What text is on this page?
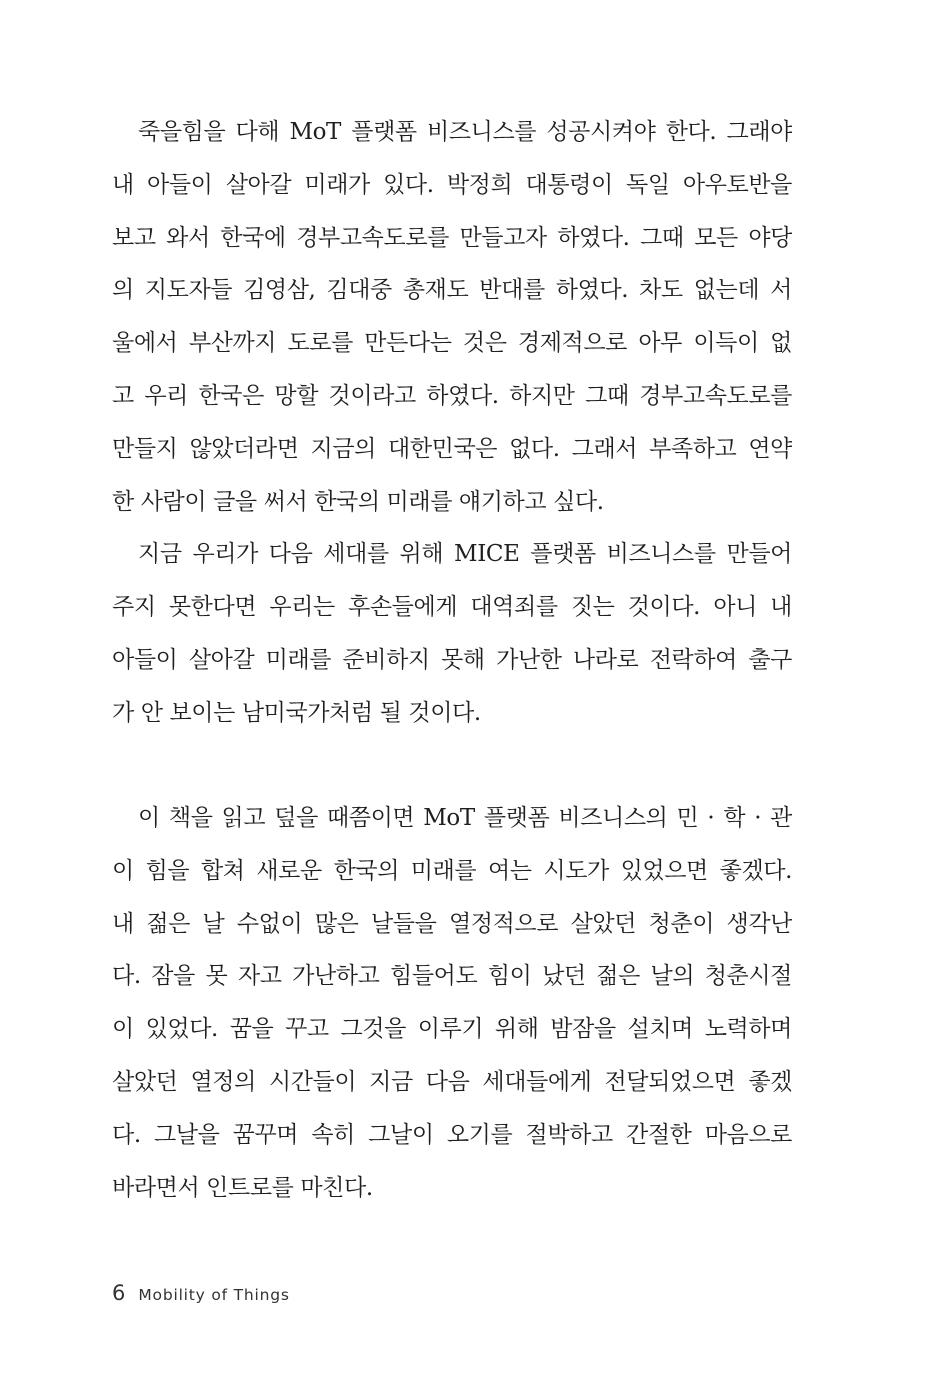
죽을힘을 다해 MoT 플랫폼 비즈니스를 성공시켜야 한다. 그래야
내 아들이 살아갈 미래가 있다. 박정희 대통령이 독일 아우토반을
보고 와서 한국에 경부고속도로를 만들고자 하였다. 그때 모든 야당
의 지도자들 김영삼, 김대중 총재도 반대를 하였다. 차도 없는데 서
울에서 부산까지 도로를 만든다는 것은 경제적으로 아무 이득이 없
고 우리 한국은 망할 것이라고 하였다. 하지만 그때 경부고속도로를
만들지 않았더라면 지금의 대한민국은 없다. 그래서 부족하고 연약
한 사람이 글을 써서 한국의 미래를 얘기하고 싶다.
지금 우리가 다음 세대를 위해 MICE 플랫폼 비즈니스를 만들어
주지 못한다면 우리는 후손들에게 대역죄를 짓는 것이다. 아니 내
아들이 살아갈 미래를 준비하지 못해 가난한 나라로 전락하여 출구
가 안 보이는 남미국가처럼 될 것이다.
이 책을 읽고 덮을 때쯤이면 MoT 플랫폼 비즈니스의 민 · 학 · 관
이 힘을 합쳐 새로운 한국의 미래를 여는 시도가 있었으면 좋겠다.
내 젊은 날 수없이 많은 날들을 열정적으로 살았던 청춘이 생각난
다. 잠을 못 자고 가난하고 힘들어도 힘이 났던 젊은 날의 청춘시절
이 있었다. 꿈을 꾸고 그것을 이루기 위해 밤잠을 설치며 노력하며
살았던 열정의 시간들이 지금 다음 세대들에게 전달되었으면 좋겠
다. 그날을 꿈꾸며 속히 그날이 오기를 절박하고 간절한 마음으로
바라면서 인트로를 마친다.
6 Mobility of Things
